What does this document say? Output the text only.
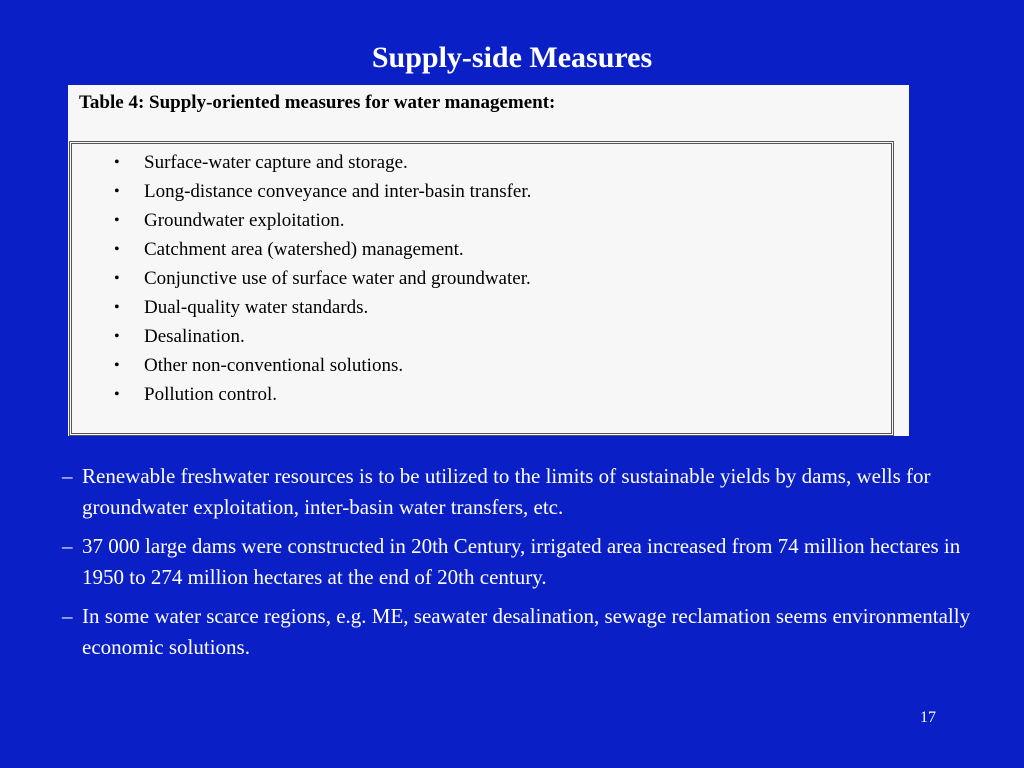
Supply-side Measures
Table 4: Supply-oriented measures for water management:
• Surface-water capture and storage.
• Long-distance conveyance and inter-basin transfer.
• Groundwater exploitation.
• Catchment area (watershed) management.
• Conjunctive use of surface water and groundwater.
• Dual-quality water standards.
• Desalination.
• Other non-conventional solutions.
• Pollution control.
– Renewable freshwater resources is to be utilized to the limits of sustainable yields by dams, wells for groundwater exploitation, inter-basin water transfers, etc.
– 37 000 large dams were constructed in 20th Century, irrigated area increased from 74 million hectares in 1950 to 274 million hectares at the end of 20th century.
– In some water scarce regions, e.g. ME, seawater desalination, sewage reclamation seems environmentally economic solutions.
17
